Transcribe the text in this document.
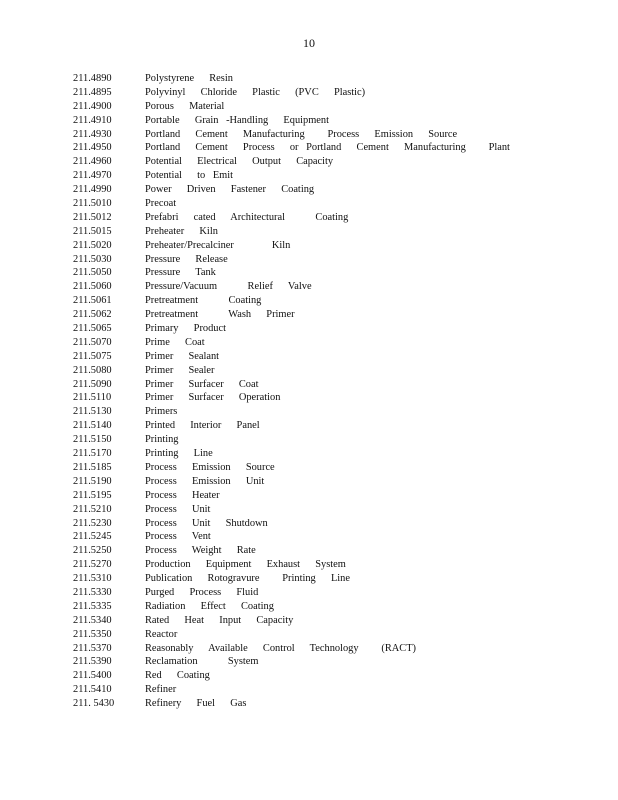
10
211.4890	Polystyrene  Resin
211.4895	Polyvinyl  Chloride  Plastic  (PVC  Plastic)
211.4900	Porous  Material
211.4910	Portable  Grain -Handling  Equipment
211.4930	Portland  Cement  Manufacturing   Process  Emission  Source
211.4950	Portland  Cement  Process  or Portland  Cement  Manufacturing   Plant
211.4960	Potential  Electrical  Output  Capacity
211.4970	Potential  to Emit
211.4990	Power  Driven  Fastener  Coating
211.5010	Precoat
211.5012	Prefabri  cated  Architectural    Coating
211.5015	Preheater  Kiln
211.5020	Preheater/Precalciner     Kiln
211.5030	Pressure  Release
211.5050	Pressure  Tank
211.5060	Pressure/Vacuum    Relief  Valve
211.5061	Pretreatment    Coating
211.5062	Pretreatment    Wash  Primer
211.5065	Primary  Product
211.5070	Prime  Coat
211.5075	Primer  Sealant
211.5080	Primer  Sealer
211.5090	Primer  Surfacer  Coat
211.5110	Primer  Surfacer  Operation
211.5130	Primers
211.5140	Printed  Interior  Panel
211.5150	Printing
211.5170	Printing  Line
211.5185	Process  Emission  Source
211.5190	Process  Emission  Unit
211.5195	Process  Heater
211.5210	Process  Unit
211.5230	Process  Unit  Shutdown
211.5245	Process  Vent
211.5250	Process  Weight  Rate
211.5270	Production  Equipment  Exhaust  System
211.5310	Publication  Rotogravure   Printing  Line
211.5330	Purged  Process  Fluid
211.5335	Radiation  Effect  Coating
211.5340	Rated  Heat  Input  Capacity
211.5350	Reactor
211.5370	Reasonably  Available  Control  Technology   (RACT)
211.5390	Reclamation    System
211.5400	Red  Coating
211.5410	Refiner
211. 5430	Refinery  Fuel  Gas
